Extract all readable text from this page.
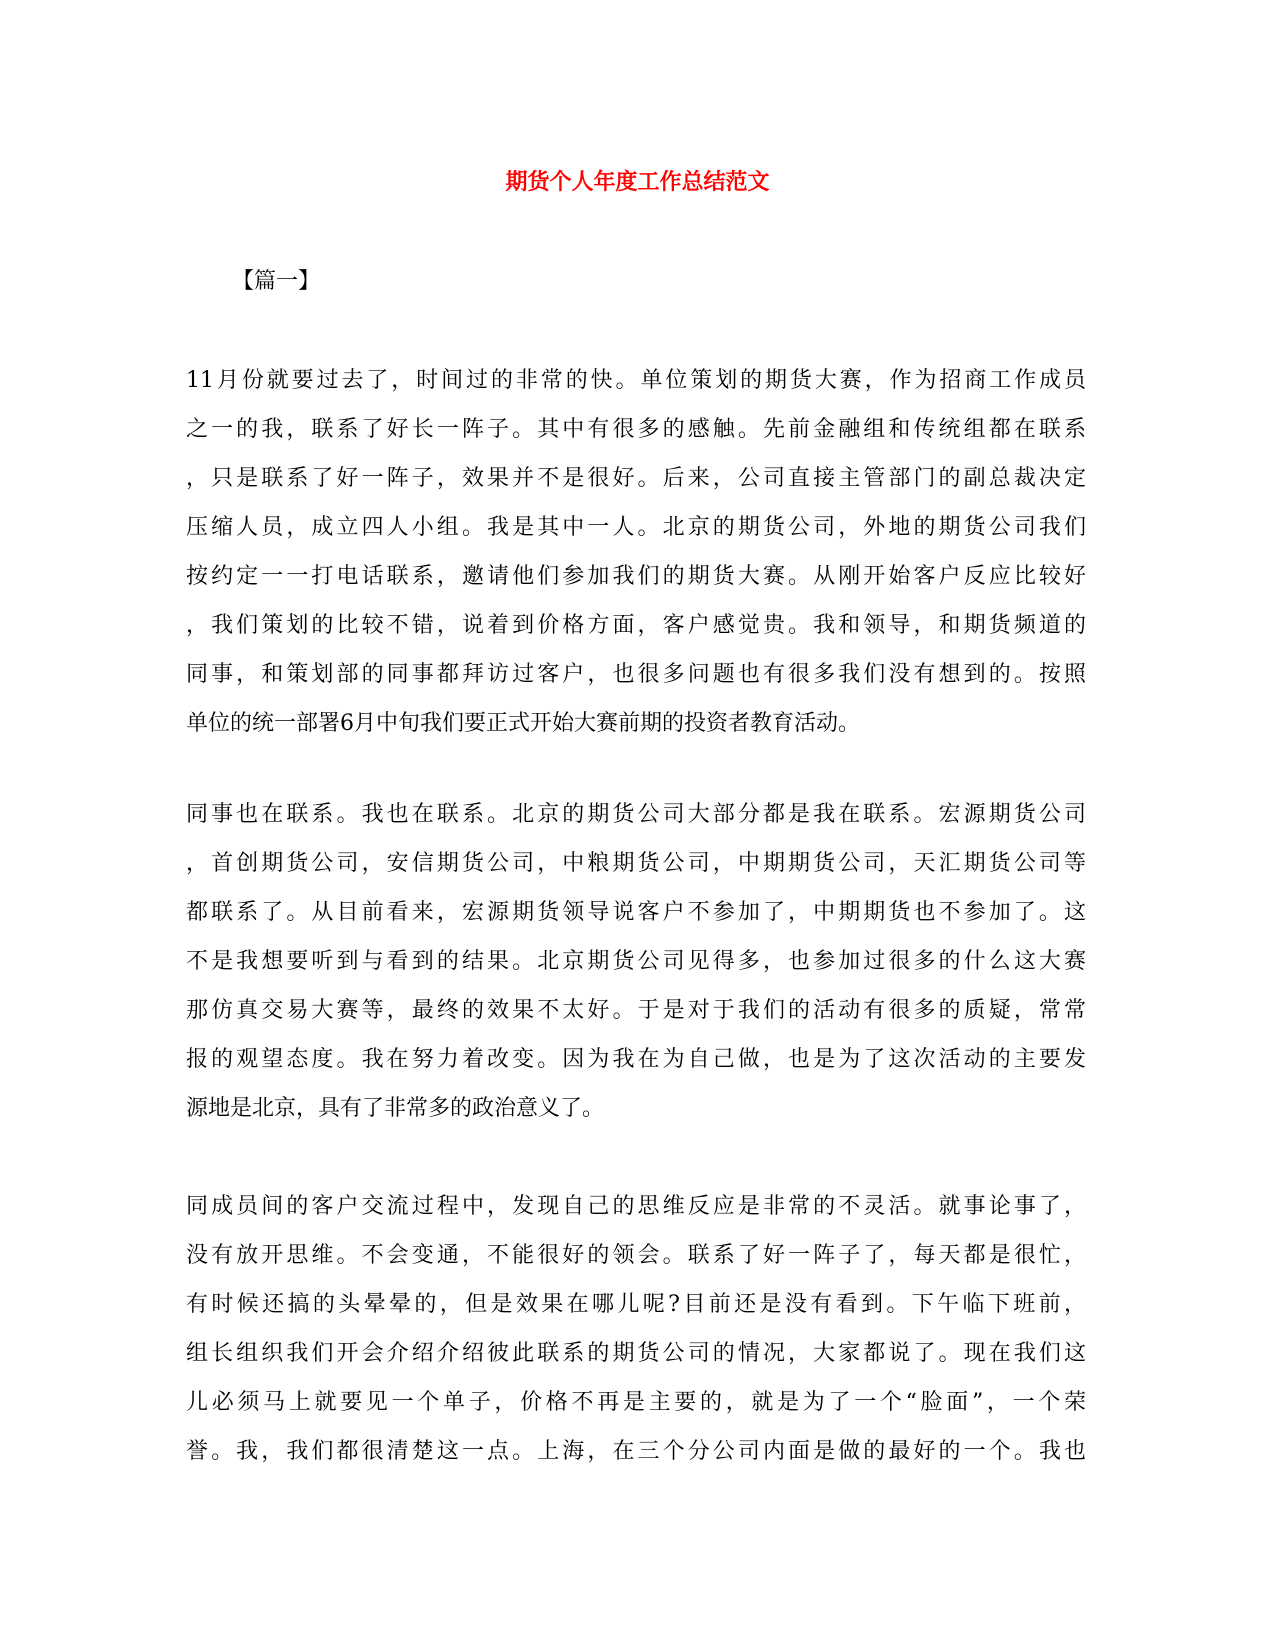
期货个人年度工作总结范文

【篇一】

11月份就要过去了，时间过的非常的快。单位策划的期货大赛，作为招商工作成员
之一的我，联系了好长一阵子。其中有很多的感触。先前金融组和传统组都在联系
，只是联系了好一阵子，效果并不是很好。后来，公司直接主管部门的副总裁决定
压缩人员，成立四人小组。我是其中一人。北京的期货公司，外地的期货公司我们
按约定一一打电话联系，邀请他们参加我们的期货大赛。从刚开始客户反应比较好
，我们策划的比较不错，说着到价格方面，客户感觉贵。我和领导，和期货频道的
同事，和策划部的同事都拜访过客户，也很多问题也有很多我们没有想到的。按照
单位的统一部署6月中旬我们要正式开始大赛前期的投资者教育活动。
同事也在联系。我也在联系。北京的期货公司大部分都是我在联系。宏源期货公司
，首创期货公司，安信期货公司，中粮期货公司，中期期货公司，天汇期货公司等
都联系了。从目前看来，宏源期货领导说客户不参加了，中期期货也不参加了。这
不是我想要听到与看到的结果。北京期货公司见得多，也参加过很多的什么这大赛
那仿真交易大赛等，最终的效果不太好。于是对于我们的活动有很多的质疑，常常
报的观望态度。我在努力着改变。因为我在为自己做，也是为了这次活动的主要发
源地是北京，具有了非常多的政治意义了。
同成员间的客户交流过程中，发现自己的思维反应是非常的不灵活。就事论事了，
没有放开思维。不会变通，不能很好的领会。联系了好一阵子了，每天都是很忙，
有时候还搞的头晕晕的，但是效果在哪儿呢?目前还是没有看到。下午临下班前，
组长组织我们开会介绍介绍彼此联系的期货公司的情况，大家都说了。现在我们这
儿必须马上就要见一个单子，价格不再是主要的，就是为了一个“脸面”，一个荣
誉。我，我们都很清楚这一点。上海，在三个分公司内面是做的最好的一个。我也
